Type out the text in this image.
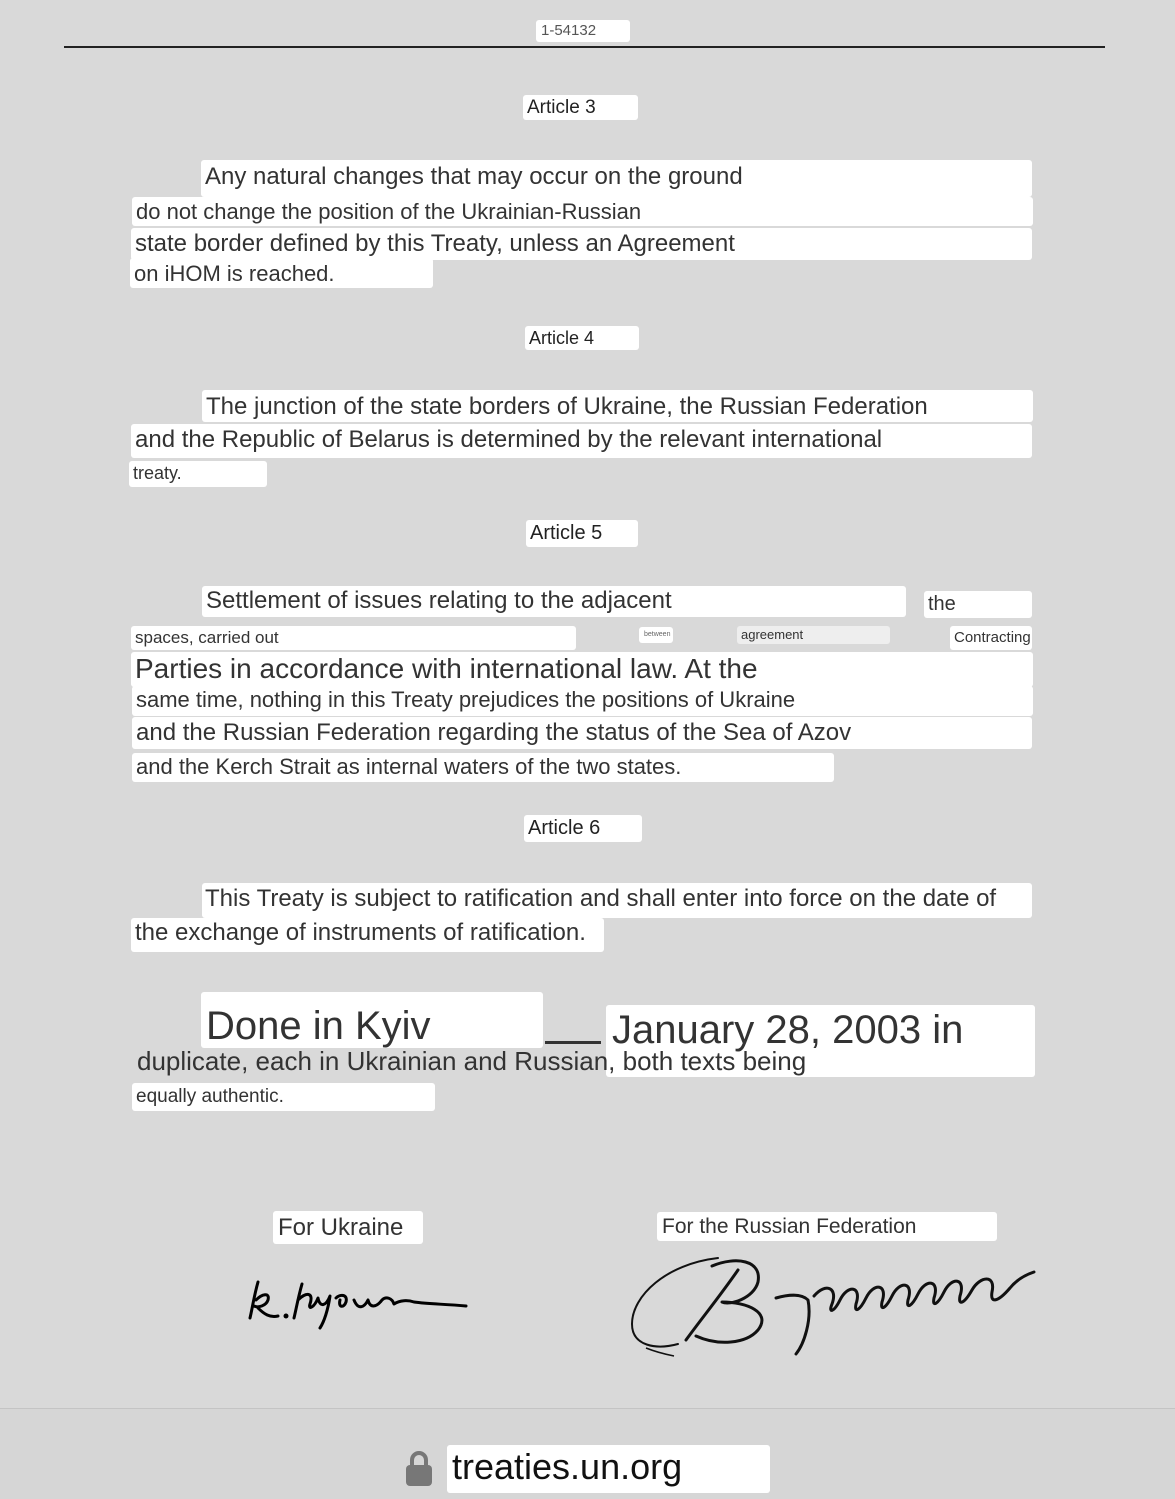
1-54132
Article 3
Any natural changes that may occur on the ground
do not change the position of the Ukrainian-Russian
state border defined by this Treaty, unless an Agreement
on iHOM is reached.
Article 4
The junction of the state borders of Ukraine, the Russian Federation
and the Republic of Belarus is determined by the relevant international
treaty.
Article 5
Settlement of issues relating to the adjacent	the
spaces, carried out	between	agreement	Contracting
Parties in accordance with international law. At the
same time, nothing in this Treaty prejudices the positions of Ukraine
and the Russian Federation regarding the status of the Sea of Azov
and the Kerch Strait as internal waters of the two states.
Article 6
This Treaty is subject to ratification and shall enter into force on the date of
the exchange of instruments of ratification.
Done in Kyiv	January 28, 2003 in
duplicate, each in Ukrainian and Russian, both texts being
equally authentic.
For Ukraine	For the Russian Federation
treaties.un.org
